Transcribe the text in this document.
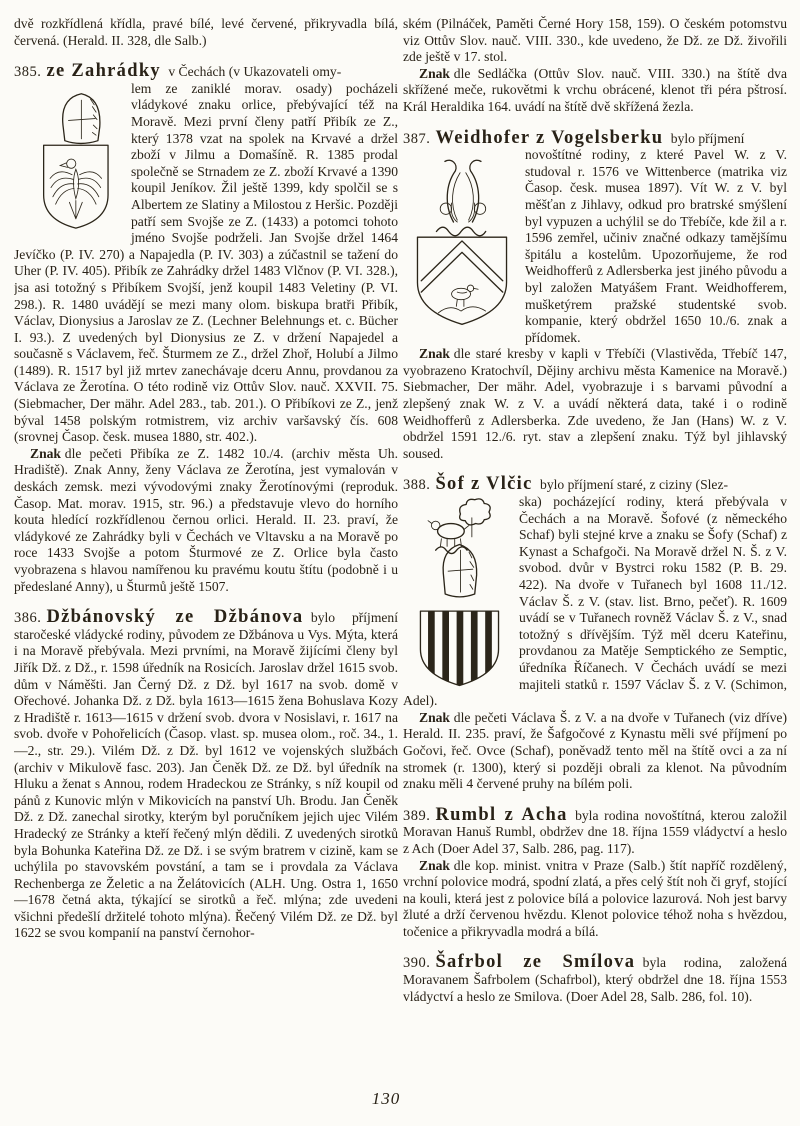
dvě rozkřídlená křídla, pravé bílé, levé červené, přikryvadla bílá, červená. (Herald. II. 328, dle Salb.)

385. ze Zahrádky v Čechách (v Ukazovateli omy-

lem ze zaniklé morav. osady) pocházeli vládykové znaku orlice, přebývající též na Moravě. Mezi první členy patří Přibík ze Z., který 1378 vzat na spolek na Krvavé a držel zboží v Jilmu a Domašíně. R. 1385 prodal společně se Strnadem ze Z. zboží Krvavé a 1390 koupil Jeníkov. Žil ještě 1399, kdy spolčil se s Albertem ze Slatiny a Milostou z Heršic. Později patří sem Svojše ze Z. (1433) a potomci tohoto jméno Svojše podrželi. Jan Svojše držel 1464 Jevíčko (P. IV. 270) a Napajedla (P. IV. 303) a zúčastnil se tažení do Uher (P. IV. 405). Přibík ze Zahrádky držel 1483 Vlčnov (P. VI. 328.), jsa asi totožný s Přibíkem Svojší, jenž koupil 1483 Veletiny (P. VI. 298.). R. 1480 uvádějí se mezi many olom. biskupa bratři Přibík, Václav, Dionysius a Jaroslav ze Z. (Lechner Belehnungs et. c. Bücher I. 93.). Z uvedených byl Dionysius ze Z. v držení Napajedel a současně s Václavem, řeč. Šturmem ze Z., držel Zhoř, Holubí a Jilmo (1489). R. 1517 byl již mrtev zanechávaje dceru Annu, provdanou za Václava ze Žerotína. O této rodině viz Ottův Slov. nauč. XXVII. 75. (Siebmacher, Der mähr. Adel 283., tab. 201.). O Přibíkovi ze Z., jenž býval 1458 polským rotmistrem, viz archiv varšavský čís. 608 (srovnej Časop. česk. musea 1880, str. 402.).

Znak dle pečeti Přibíka ze Z. 1482 10./4. (archiv města Uh. Hradiště). Znak Anny, ženy Václava ze Žerotína, jest vymalován v deskách zemsk. mezi vývodovými znaky Žerotínovými (reproduk. Časop. Mat. morav. 1915, str. 96.) a představuje vlevo do horního kouta hledící rozkřídlenou černou orlici. Herald. II. 23. praví, že vládykové ze Zahrádky byli v Čechách ve Vltavsku a na Moravě po roce 1433 Svojše a potom Šturmové ze Z. Orlice byla často vyobrazena s hlavou namířenou ku pravému koutu štítu (podobně i u předeslané Anny), u Šturmů ještě 1507.

386. Džbánovský ze Džbánova bylo příjmení staročeské vládycké rodiny, původem ze Džbánova u Vys. Mýta, která i na Moravě přebývala. Mezi prvními, na Moravě žijícími členy byl Jiřík Dž. z Dž., r. 1598 úředník na Rosicích. Jaroslav držel 1615 svob. dům v Náměšti. Jan Černý Dž. z Dž. byl 1617 na svob. domě v Ořechové. Johanka Dž. z Dž. byla 1613—1615 žena Bohuslava Kozy z Hradiště r. 1613—1615 v držení svob. dvora v Nosislavi, r. 1617 na svob. dvoře v Pohořelicích (Časop. vlast. sp. musea olom., roč. 34., 1.—2., str. 29.). Vilém Dž. z Dž. byl 1612 ve vojenských službách (archiv v Mikulově fasc. 203). Jan Čeněk Dž. ze Dž. byl úředník na Hluku a ženat s Annou, rodem Hradeckou ze Stránky, s níž koupil od pánů z Kunovic mlýn v Mikovicích na panství Uh. Brodu. Jan Čeněk Dž. z Dž. zanechal sirotky, kterým byl poručníkem jejich ujec Vilém Hradecký ze Stránky a kteří řečený mlýn dědili. Z uvedených sirotků byla Bohunka Kateřina Dž. ze Dž. i se svým bratrem v cizině, kam se uchýlila po stavovském povstání, a tam se i provdala za Václava Rechenberga ze Želetic a na Želátovicích (ALH. Ung. Ostra 1, 1650—1678 četná akta, týkající se sirotků a řeč. mlýna; zde uvedeni všichni předešlí držitelé tohoto mlýna). Řečený Vilém Dž. ze Dž. byl 1622 se svou kompanií na panství černohor-

ském (Pilnáček, Paměti Černé Hory 158, 159). O českém potomstvu viz Ottův Slov. nauč. VIII. 330., kde uvedeno, že Dž. ze Dž. živořili zde ještě v 17. stol.

Znak dle Sedláčka (Ottův Slov. nauč. VIII. 330.) na štítě dva skřížené meče, rukovětmi k vrchu obrácené, klenot tři péra pštrosí. Král Heraldika 164. uvádí na štítě dvě skřížená žezla.

387. Weidhofer z Vogelsberku bylo příjmení

novoštítné rodiny, z které Pavel W. z V. studoval r. 1576 ve Wittenberce (matrika viz Časop. česk. musea 1897). Vít W. z V. byl měšťan z Jihlavy, odkud pro bratrské smýšlení byl vypuzen a uchýlil se do Třebíče, kde žil a r. 1596 zemřel, učiniv značné odkazy tamějšímu špitálu a kostelům. Upozorňujeme, že rod Weidhofferů z Adlersberka jest jiného původu a byl založen Matyášem Frant. Weidhofferem, mušketýrem pražské studentské svob. kompanie, který obdržel 1650 10./6. znak a přídomek.

Znak dle staré kresby v kapli v Třebíči (Vlastivěda, Třebíč 147, vyobrazeno Kratochvíl, Dějiny archivu města Kamenice na Moravě.) Siebmacher, Der mähr. Adel, vyobrazuje i s barvami původní a zlepšený znak W. z V. a uvádí některá data, také i o rodině Weidhofferů z Adlersberka. Zde uvedeno, že Jan (Hans) W. z V. obdržel 1591 12./6. ryt. stav a zlepšení znaku. Týž byl jihlavský soused.

388. Šof z Vlčic bylo příjmení staré, z ciziny (Slez-

ska) pocházející rodiny, která přebývala v Čechách a na Moravě. Šofové (z německého Schaf) byli stejné krve a znaku se Šofy (Schaf) z Kynast a Schafgoči. Na Moravě držel N. Š. z V. svobod. dvůr v Bystrci roku 1582 (P. B. 29. 422). Na dvoře v Tuřanech byl 1608 11./12. Václav Š. z V. (stav. list. Brno, pečeť). R. 1609 uvádí se v Tuřanech rovněž Václav Š. z V., snad totožný s dřívějším. Týž měl dceru Kateřinu, provdanou za Matěje Semptického ze Semptic, úředníka Říčanech. V Čechách uvádí se mezi majiteli statků r. 1597 Václav Š. z V. (Schimon, Adel).

Znak dle pečeti Václava Š. z V. a na dvoře v Tuřanech (viz dříve) Herald. II. 235. praví, že Šafgočové z Kynastu měli své příjmení po Gočovi, řeč. Ovce (Schaf), poněvadž tento měl na štítě ovci a za ní stromek (r. 1300), který si později obrali za klenot. Na původním znaku měli 4 červené pruhy na bílém poli.

389. Rumbl z Acha byla rodina novoštítná, kterou založil Moravan Hanuš Rumbl, obdržev dne 18. října 1559 vládyctví a heslo z Ach (Doer Adel 37, Salb. 286, pag. 117).

Znak dle kop. minist. vnitra v Praze (Salb.) štít napříč rozdělený, vrchní polovice modrá, spodní zlatá, a přes celý štít noh či gryf, stojící na kouli, která jest z polovice bílá a polovice lazurová. Noh jest barvy žluté a drží červenou hvězdu. Klenot polovice téhož noha s hvězdou, točenice a přikryvadla modrá a bílá.

390. Šafrbol ze Smílova byla rodina, založená Moravanem Šafrbolem (Schafrbol), který obdržel dne 18. října 1553 vládyctví a heslo ze Smilova. (Doer Adel 28, Salb. 286, fol. 10).

130
